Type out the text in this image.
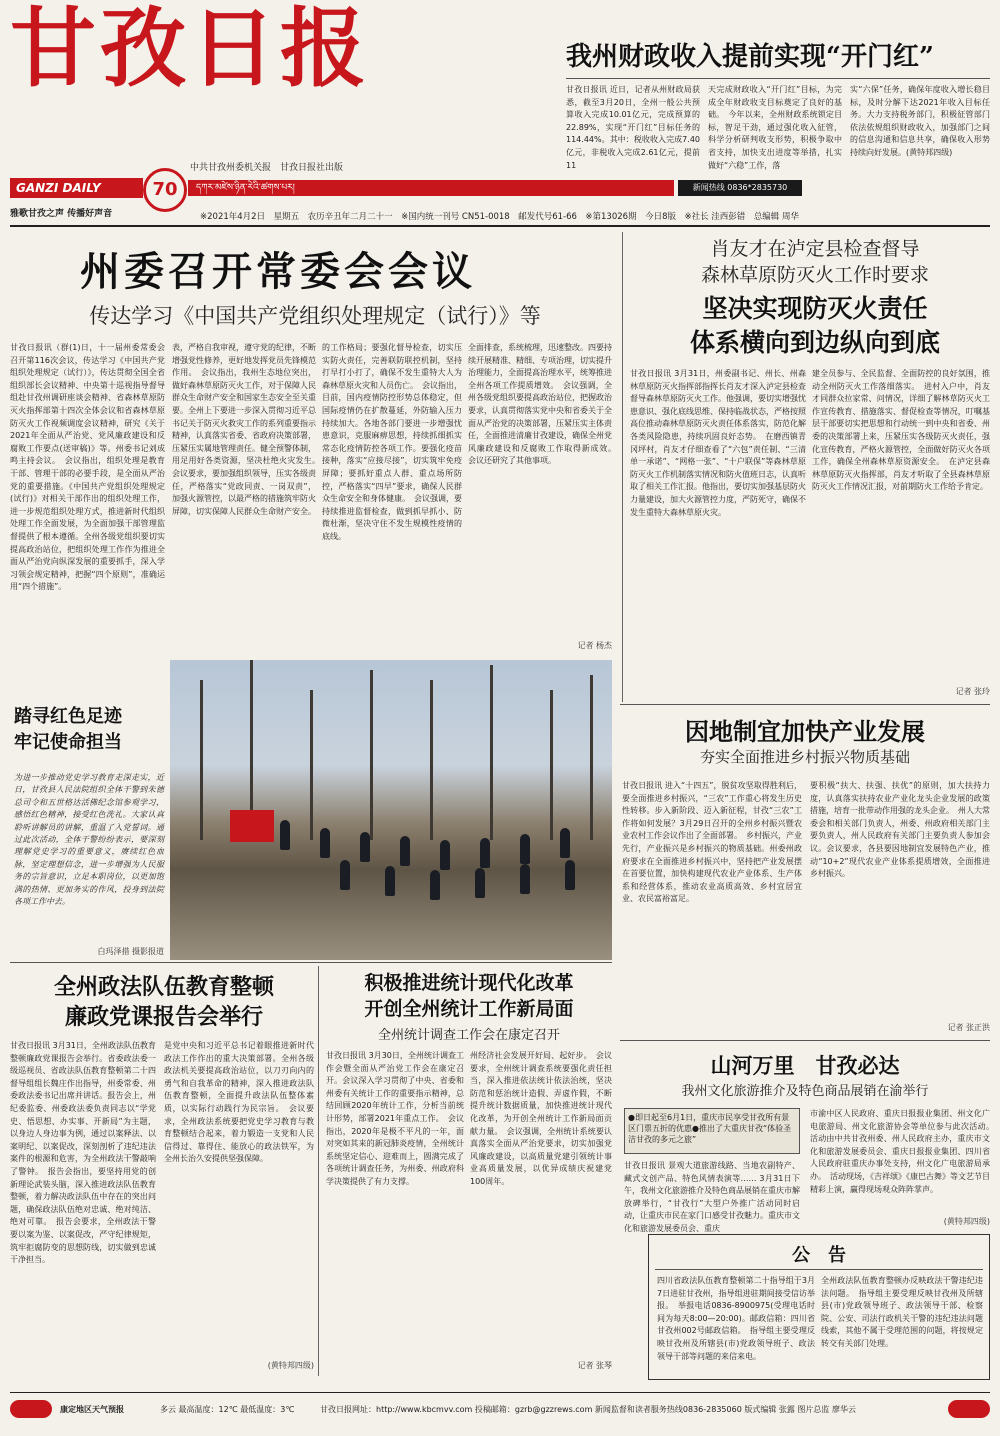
甘孜日报
中共甘孜州委机关报　甘孜日报社出版
GANZI DAILY	70	དཀར་མཛེས་ཉིན་རེའི་ཚགས་པར།	新闻热线 0836*2835730
雅歌甘孜之声 传播好声音	※2021年4月2日　星期五　农历辛丑年二月二十一　※国内统一刊号 CN51-0018　邮发代号61-66　※第13026期　今日8版　※社长 洼西彭错　总编辑 周华
我州财政收入提前实现“开门红”
甘孜日报讯 近日，记者从州财政局获悉，截至3月20日，全州一般公共预算收入完成10.01亿元，完成预算的22.89%，实现“开门红”目标任务的114.44%。其中：税收收入完成7.40亿元，非税收入完成2.61亿元，提前11
天完成财政收入“开门红”目标，为完成全年财政收支目标奠定了良好的基础。　今年以来，全州财政系统锁定目标，智足干劲，通过强化收入征管，科学分析研判收支形势，积极争取中省支持，加快支出进度等举措，扎实做好“六稳”工作，落
实“六保”任务，确保年度收入增长稳目标，及时分解下达2021年收入目标任务。大力支持税务部门，积极征管部门依法依规组织财政收入，加强部门之间的信息沟通和信息共享，确保收入形势持续向好发展。(黄特邦四级)
州委召开常委会会议
传达学习《中国共产党组织处理规定（试行）》等
甘孜日报讯（群(1)日，十一届州委常委会召开第116次会议，传达学习《中国共产党组织处理规定（试行）》，传达贯彻全国全省组织部长会议精神、中央第十巡视指导督导组赴甘孜州调研座谈会精神、省森林草原防灭火指挥部第十四次全体会议和省森林草原防灭火工作视频调度会议精神，研究《关于2021年全面从严治党、党风廉政建设和反腐败工作要点(送审稿)》等。州委书记刘成鸣主持会议。　会议指出，组织处理是教育干部、管理干部的必要手段，是全面从严治党的重要措施。《中国共产党组织处理规定(试行)》对相关干部作出的组织处理工作，进一步规范组织处理方式，推进新时代组织处理工作全面发展，为全面加强干部管理监督提供了根本遵循。全州各级党组织要切实提高政治站位，把组织处理工作作为推进全面从严治党向纵深发展的重要抓手，深入学习领会规定精神，把握“四个原则”，准确运用“四个措施”。
表，严格自我审视，遵守党的纪律，不断增强党性修养，更好地发挥党员先锋模范作用。　会议指出，我州生态地位突出，做好森林草原防灭火工作，对于保障人民群众生命财产安全和国家生态安全至关重要。全州上下要进一步深入贯彻习近平总书记关于防灭火救灾工作的系列重要指示精神，认真落实省委、省政府决策部署，压紧压实属地管理责任。健全预警体制，用足用好各类资源，坚决杜绝火灾发生。　会议要求，要加强组织领导，压实各级责任，严格落实“党政同责、一岗双责”，加强火源管控，以最严格的措施筑牢防火屏障，切实保障人民群众生命财产安全。
的工作格局；要强化督导检查，切实压实防火责任，完善联防联控机制，坚持打早打小打了，确保不发生重特大人为森林草原火灾和人员伤亡。　会议指出，目前，国内疫情防控形势总体稳定，但国际疫情仍在扩散蔓延，外防输入压力持续加大。各地各部门要进一步增强忧患意识，克服麻痹思想，持续抓细抓实常态化疫情防控各项工作。要强化疫苗接种，落实“应接尽接”，切实筑牢免疫屏障；要抓好重点人群、重点场所防控，严格落实“四早”要求，确保人民群众生命安全和身体健康。　会议强调，要持续推进监督检查，做到抓早抓小、防微杜渐，坚决守住不发生规模性疫情的底线。
全面排查，系统梳理，迅速整改。四要持续开展精准、精细、专项治理，切实提升治理能力，全面提高治理水平，统筹推进全州各项工作提质增效。　会议强调，全州各级党组织要提高政治站位，把握政治要求，认真贯彻落实党中央和省委关于全面从严治党的决策部署，压紧压实主体责任，全面推进清廉甘孜建设，确保全州党风廉政建设和反腐败工作取得新成效。　会议还研究了其他事项。
记者 杨杰
肖友才在泸定县检查督导
森林草原防灭火工作时要求
坚决实现防灭火责任
体系横向到边纵向到底
甘孜日报讯 3月31日，州委副书记、州长、州森林草原防灭火指挥部指挥长肖友才深入泸定县检查督导森林草原防灭火工作。他强调，要切实增强忧患意识、强化底线思维、保持临战状态，严格按照高位推动森林草原防灭火责任体系落实，防范化解各类风险隐患，持续巩固良好态势。　在磨西镇青冈坪村，肖友才仔细查看了“六包”责任制、“三清单一承诺”、“网格一张”、“十户联保”等森林草原防灭火工作机制落实情况和防火值班日志，认真听取了相关工作汇报。他指出，要切实加强基层防火力量建设，加大火源管控力度，严防死守，确保不发生重特大森林草原火灾。
建全员参与、全民监督、全面防控的良好氛围，推动全州防灭火工作落细落实。　进村入户中，肖友才同群众拉家常、问情况，详细了解林草防灭火工作宣传教育、措施落实、督促检查等情况，叮嘱基层干部要切实把思想和行动统一到中央和省委、州委的决策部署上来，压紧压实各级防灭火责任，强化宣传教育，严格火源管控，全面做好防灭火各项工作，确保全州森林草原资源安全。　在泸定县森林草原防灭火指挥部，肖友才听取了全县森林草原防灭火工作情况汇报，对前期防火工作给予肯定。
记者 张玲
踏寻红色足迹
牢记使命担当
为进一步推动党史学习教育走深走实，近日，甘孜县人民法院组织全体干警到朱德总司令和五世格达活佛纪念馆参观学习，感悟红色精神，接受红色洗礼。大家认真聆听讲解员的讲解，重温了入党誓词。通过此次活动，全体干警纷纷表示，要深刻理解党史学习的重要意义，赓续红色血脉，坚定理想信念，进一步增强为人民服务的宗旨意识，立足本职岗位，以更加饱满的热情、更加务实的作风，投身到法院各项工作中去。
白玛泽措 摄影报道
因地制宜加快产业发展
夯实全面推进乡村振兴物质基础
甘孜日报讯 进入“十四五”，脱贫攻坚取得胜利后，要全面推进乡村振兴，“三农”工作重心将发生历史性转移。步入新阶段、迈入新征程，甘孜“三农”工作将如何发展？3月29日召开的全州乡村振兴暨农业农村工作会议作出了全面部署。　乡村振兴，产业先行，产业振兴是乡村振兴的物质基础。州委州政府要求在全面推进乡村振兴中，坚持把产业发展摆在首要位置，加快构建现代农业产业体系、生产体系和经营体系，推动农业高质高效、乡村宜居宜业、农民富裕富足。
要积极“扶大、扶强、扶优”的原则，加大扶持力度，认真落实扶持农业产业化龙头企业发展的政策措施，培育一批带动作用强的龙头企业。　州人大常委会和相关部门负责人，州委、州政府相关部门主要负责人，州人民政府有关部门主要负责人参加会议。会议要求，各县要因地制宜发展特色产业，推动“10+2”现代农业产业体系提质增效，全面推进乡村振兴。
记者 张正洪
全州政法队伍教育整顿
廉政党课报告会举行
甘孜日报讯 3月31日，全州政法队伍教育整顿廉政党课报告会举行。省委政法委一级巡视员、省政法队伍教育整顿第二十四督导组组长魏庄作出指导，州委常委、州委政法委书记出席并讲话。报告会上，州纪委监委、州委政法委负责同志以“学党史、悟思想、办实事、开新局”为主题，以身边人身边事为例，通过以案释法、以案明纪、以案促改，深刻剖析了违纪违法案件的根源和危害，为全州政法干警敲响了警钟。　报告会指出，要坚持用党的创新理论武装头脑，深入推进政法队伍教育整顿，着力解决政法队伍中存在的突出问题，确保政法队伍绝对忠诚、绝对纯洁、绝对可靠。　报告会要求，全州政法干警要以案为鉴、以案促改，严守纪律规矩，筑牢拒腐防变的思想防线，切实做到忠诚干净担当。
是党中央和习近平总书记着眼推进新时代政法工作作出的重大决策部署。全州各级政法机关要提高政治站位，以刀刃向内的勇气和自我革命的精神，深入推进政法队伍教育整顿，全面提升政法队伍整体素质，以实际行动践行为民宗旨。　会议要求，全州政法系统要把党史学习教育与教育整顿结合起来，着力锻造一支党和人民信得过、靠得住、能放心的政法铁军，为全州长治久安提供坚强保障。
(黄特邦四级)
积极推进统计现代化改革
开创全州统计工作新局面
全州统计调查工作会在康定召开
甘孜日报讯 3月30日，全州统计调查工作会暨全面从严治党工作会在康定召开。会议深入学习贯彻了中央、省委和州委有关统计工作的重要指示精神，总结回顾2020年统计工作，分析当前统计形势，部署2021年重点工作。　会议指出，2020年是极不平凡的一年，面对突如其来的新冠肺炎疫情，全州统计系统坚定信心、迎难而上，圆满完成了各项统计调查任务，为州委、州政府科学决策提供了有力支撑。
州经济社会发展开好局、起好步。　会议要求，全州统计调查系统要强化责任担当，深入推进依法统计依法治统，坚决防范和惩治统计造假、弄虚作假，不断提升统计数据质量，加快推进统计现代化改革，为开创全州统计工作新局面贡献力量。　会议强调，全州统计系统要认真落实全面从严治党要求，切实加强党风廉政建设，以高质量党建引领统计事业高质量发展，以优异成绩庆祝建党100周年。
记者 张琴
山河万里　甘孜必达
我州文化旅游推介及特色商品展销在渝举行
●即日起至6月1日，重庆市民享受甘孜所有景区门票五折的优惠●推出了大重庆甘孜“体验圣洁甘孜的多元之旅”
甘孜日报讯 景观大道旅游线路、当地农副特产、藏式文创产品、特色风情表演等…… 3月31日下午，我州文化旅游推介及特色商品展销在重庆市解放碑举行，“甘孜行”大型户外推广活动同时启动，让重庆市民在家门口感受甘孜魅力。重庆市文化和旅游发展委员会、重庆
市渝中区人民政府、重庆日报报业集团、州文化广电旅游局、州文化旅游协会等单位参与此次活动。　活动由中共甘孜州委、州人民政府主办，重庆市文化和旅游发展委员会、重庆日报报业集团、四川省人民政府驻重庆办事处支持，州文化广电旅游局承办。　活动现场，《吉祥颂》《康巴古舞》等文艺节目精彩上演，赢得现场观众阵阵掌声。
(黄特邦四级)
公　告
四川省政法队伍教育整顿第二十指导组于3月7日进驻甘孜州，指导组进驻期间接受信访举报。　举报电话0836-8900975(受理电话时间为每天8:00—20:00)。邮政信箱：四川省甘孜州002号邮政信箱。　指导组主要受理反映甘孜州及所辖县(市)党政领导班子、政法领导干部等问题的来信来电。
全州政法队伍教育整顿办反映政法干警违纪违法问题。　指导组主要受理反映甘孜州及所辖县(市)党政领导班子、政法领导干部、检察院、公安、司法行政机关干警的违纪违法问题线索，其他不属于受理范围的问题，将按规定转交有关部门处理。
康定地区天气预报	多云 最高温度：12℃ 最低温度：3℃	甘孜日报网址：http://www.kbcmvv.com 投稿邮箱：gzrb@gzzrews.com 新闻监督和读者服务热线0836-2835060 版式编辑 张露 图片总监 廖华云
